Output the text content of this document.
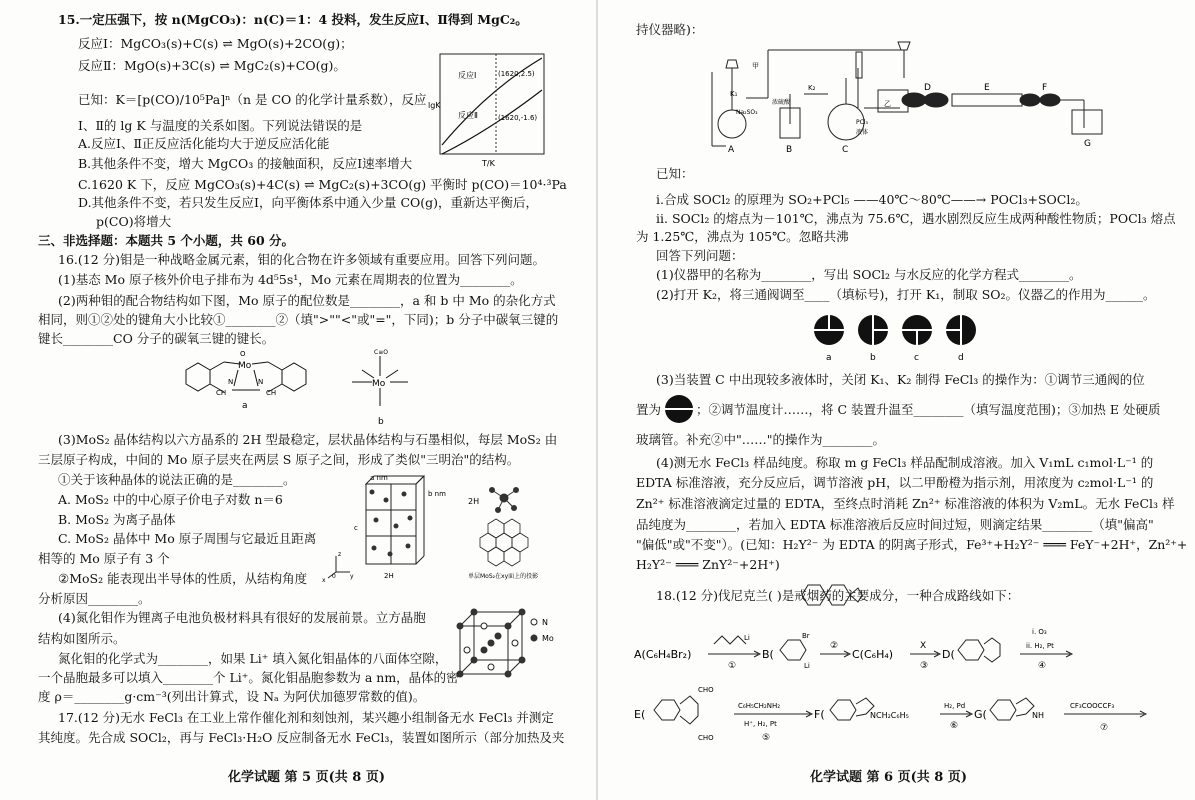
15.一定压强下，按 n(MgCO₃)：n(C)＝1：4 投料，发生反应Ⅰ、Ⅱ得到 MgC₂。
反应Ⅰ：MgCO₃(s)+C(s) ⇌ MgO(s)+2CO(g)；
反应Ⅱ：MgO(s)+3C(s) ⇌ MgC₂(s)+CO(g)。
已知：K＝[p(CO)/10⁵Pa]ⁿ（n 是 CO 的化学计量系数），反应
Ⅰ、Ⅱ的 lg K 与温度的关系如图。下列说法错误的是
A.反应Ⅰ、Ⅱ正反应活化能均大于逆反应活化能
B.其他条件不变，增大 MgCO₃ 的接触面积，反应Ⅰ速率增大
C.1620 K 下，反应 MgCO₃(s)+4C(s) ⇌ MgC₂(s)+3CO(g) 平衡时 p(CO)＝10⁴·³Pa
D.其他条件不变，若只发生反应Ⅰ，向平衡体系中通入少量 CO(g)，重新达平衡后，
p(CO)将增大
lgK
T/K
反应Ⅰ	(1620,2.5)
反应Ⅱ	(1620,-1.6)
三、非选择题：本题共 5 个小题，共 60 分。
16.(12 分)钼是一种战略金属元素，钼的化合物在许多领域有重要应用。回答下列问题。
(1)基态 Mo 原子核外价电子排布为 4d⁵5s¹，Mo 元素在周期表的位置为________。
(2)两种钼的配合物结构如下图，Mo 原子的配位数是________，a 和 b 中 Mo 的杂化方式
相同，则①②处的键角大小比较①________②（填">""<"或"="，下同)；b 分子中碳氧三键的
键长________CO 分子的碳氧三键的键长。
Mo
O
CH	CH
N	N
a
Mo
C≡O
b
(3)MoS₂ 晶体结构以六方晶系的 2H 型最稳定，层状晶体结构与石墨相似，每层 MoS₂ 由
三层原子构成，中间的 Mo 原子层夹在两层 S 原子之间，形成了类似"三明治"的结构。
①关于该种晶体的说法正确的是________。
A. MoS₂ 中的中心原子价电子对数 n＝6
B. MoS₂ 为离子晶体
C. MoS₂ 晶体中 Mo 原子周围与它最近且距离
相等的 Mo 原子有 3 个
②MoS₂ 能表现出半导体的性质，从结构角度
分析原因________。
a nm
b nm
c
z
y
x
0	2H
2H
单层MoS₂在xy面上的投影
(4)氮化钼作为锂离子电池负极材料具有很好的发展前景。立方晶胞
结构如图所示。
N
Mo
氮化钼的化学式为________，如果 Li⁺ 填入氮化钼晶体的八面体空隙，
一个晶胞最多可以填入________个 Li⁺。氮化钼晶胞参数为 a nm，晶体的密
度 ρ＝________g·cm⁻³(列出计算式，设 Nₐ 为阿伏加德罗常数的值)。
17.(12 分)无水 FeCl₃ 在工业上常作催化剂和刻蚀剂，某兴趣小组制备无水 FeCl₃ 并测定
其纯度。先合成 SOCl₂，再与 FeCl₃·H₂O 反应制备无水 FeCl₃，装置如图所示（部分加热及夹
化学试题 第 5 页(共 8 页)
持仪器略)：
K₁
K₂
Na₂SO₃
PCl₃
浓硫酸
液体
甲
乙
A	B	C
D	E	F
G
已知：
i.合成 SOCl₂ 的原理为 SO₂+PCl₅ ——40℃～80℃——→ POCl₃+SOCl₂。
ii. SOCl₂ 的熔点为－101℃，沸点为 75.6℃，遇水剧烈反应生成两种酸性物质；POCl₃ 熔点
为 1.25℃，沸点为 105℃。忽略共沸
回答下列问题：
(1)仪器甲的名称为________，写出 SOCl₂ 与水反应的化学方程式________。
(2)打开 K₂，将三通阀调至____（填标号)，打开 K₁，制取 SO₂。仪器乙的作用为______。
a	b	c	d
(3)当装置 C 中出现较多液体时，关闭 K₁、K₂ 制得 FeCl₃ 的操作为：①调节三通阀的位
置为	；②调节温度计……，将 C 装置升温至________（填写温度范围)；③加热 E 处硬质
玻璃管。补充②中"……"的操作为________。
(4)测无水 FeCl₃ 样品纯度。称取 m g FeCl₃ 样品配制成溶液。加入 V₁mL c₁mol·L⁻¹ 的
EDTA 标准溶液，充分反应后，调节溶液 pH，以二甲酚橙为指示剂，用浓度为 c₂mol·L⁻¹ 的
Zn²⁺ 标准溶液滴定过量的 EDTA，至终点时消耗 Zn²⁺ 标准溶液的体积为 V₂mL。无水 FeCl₃ 样
品纯度为________，若加入 EDTA 标准溶液后反应时间过短，则滴定结果________（填"偏高"
"偏低"或"不变"）。(已知：H₂Y²⁻ 为 EDTA 的阴离子形式，Fe³⁺+H₂Y²⁻ ═══ FeY⁻+2H⁺，Zn²⁺+
H₂Y²⁻ ═══ ZnY²⁻+2H⁺)
18.(12 分)伐尼克兰( )是戒烟药的主要成分，一种合成路线如下：
A(C₆H₄Br₂)
Li
①
B(
Br
Li
②
C(C₆H₄)
X
③
D(
i. O₃
ii. H₂, Pt
④
E(
CHO
CHO
C₆H₅CH₂NH₂
H⁺, H₂, Pt
⑤
F(	NCH₂C₆H₅
H₂, Pd
⑥
G(	NH
CF₃COOCCF₃
⑦
化学试题 第 6 页(共 8 页)
